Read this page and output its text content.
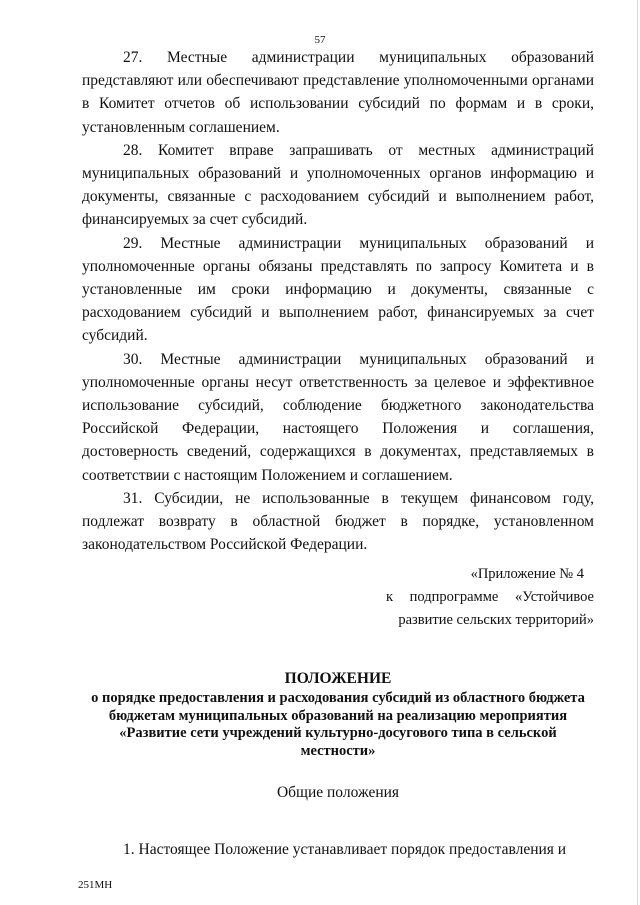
57

27. Местные администрации муниципальных образований представляют или обеспечивают представление уполномоченными органами в Комитет отчетов об использовании субсидий по формам и в сроки, установленным соглашением.

28. Комитет вправе запрашивать от местных администраций муниципальных образований и уполномоченных органов информацию и документы, связанные с расходованием субсидий и выполнением работ, финансируемых за счет субсидий.

29. Местные администрации муниципальных образований и уполномоченные органы обязаны представлять по запросу Комитета и в установленные им сроки информацию и документы, связанные с расходованием субсидий и выполнением работ, финансируемых за счет субсидий.

30. Местные администрации муниципальных образований и уполномоченные органы несут ответственность за целевое и эффективное использование субсидий, соблюдение бюджетного законодательства Российской Федерации, настоящего Положения и соглашения, достоверность сведений, содержащихся в документах, представляемых в соответствии с настоящим Положением и соглашением.

31. Субсидии, не использованные в текущем финансовом году, подлежат возврату в областной бюджет в порядке, установленном законодательством Российской Федерации.

«Приложение № 4
к подпрограмме «Устойчивое
развитие сельских территорий»
ПОЛОЖЕНИЕ
о порядке предоставления и расходования субсидий из областного бюджета бюджетам муниципальных образований на реализацию мероприятия «Развитие сети учреждений культурно-досугового типа в сельской местности»
Общие положения

1. Настоящее Положение устанавливает порядок предоставления и

251МН
